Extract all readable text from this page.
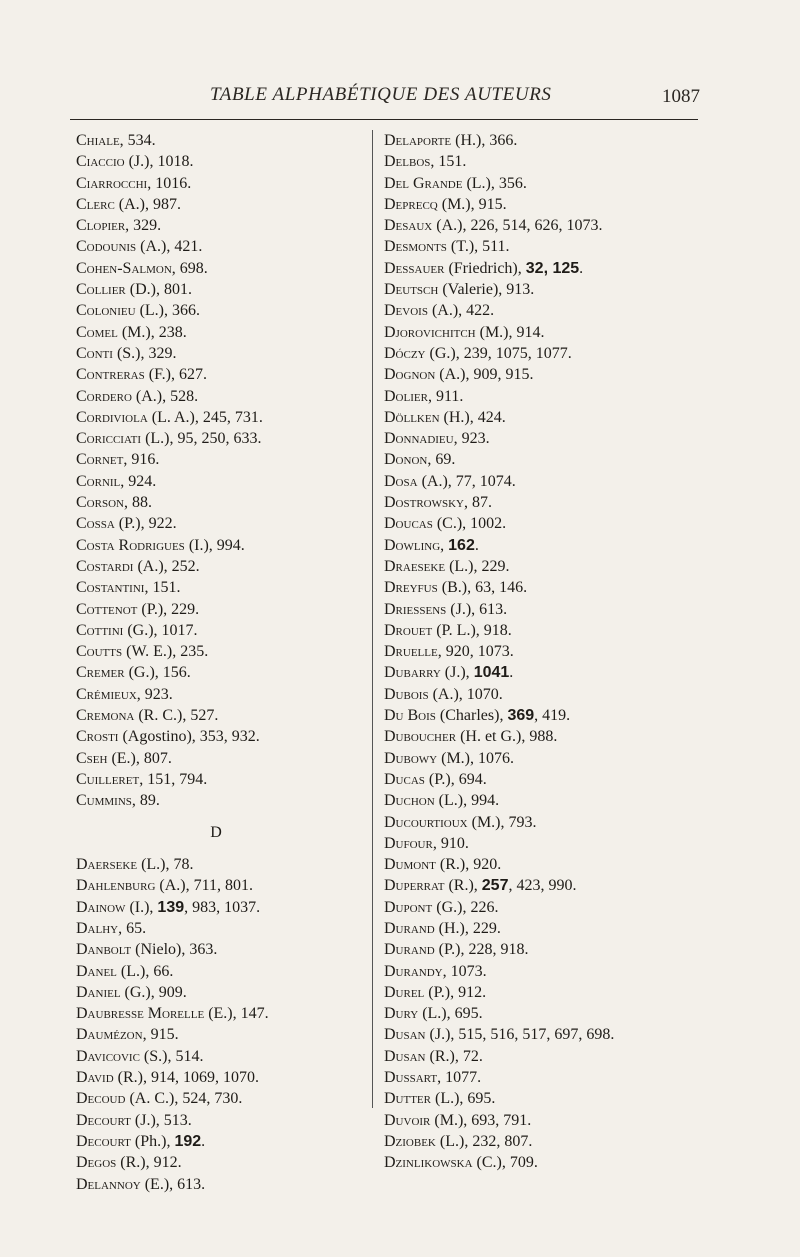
TABLE ALPHABÉTIQUE DES AUTEURS	1087
Chiale, 534.
Ciaccio (J.), 1018.
Ciarrocchi, 1016.
Clerc (A.), 987.
Clopier, 329.
Codounis (A.), 421.
Cohen-Salmon, 698.
Collier (D.), 801.
Colonieu (L.), 366.
Comel (M.), 238.
Conti (S.), 329.
Contreras (F.), 627.
Cordero (A.), 528.
Cordiviola (L. A.), 245, 731.
Coricciati (L.), 95, 250, 633.
Cornet, 916.
Cornil, 924.
Corson, 88.
Cossa (P.), 922.
Costa Rodrigues (I.), 994.
Costardi (A.), 252.
Costantini, 151.
Cottenot (P.), 229.
Cottini (G.), 1017.
Coutts (W. E.), 235.
Cremer (G.), 156.
Crémieux, 923.
Cremona (R. C.), 527.
Crosti (Agostino), 353, 932.
Cseh (E.), 807.
Cuilleret, 151, 794.
Cummins, 89.
D
Daerseke (L.), 78.
Dahlenburg (A.), 711, 801.
Dainow (I.), 139, 983, 1037.
Dalhy, 65.
Danbolt (Nielo), 363.
Danel (L.), 66.
Daniel (G.), 909.
Daubresse Morelle (E.), 147.
Daumézon, 915.
Davicovic (S.), 514.
David (R.), 914, 1069, 1070.
Decoud (A. C.), 524, 730.
Decourt (J.), 513.
Decourt (Ph.), 192.
Degos (R.), 912.
Delannoy (E.), 613.
Delaporte (H.), 366.
Delbos, 151.
Del Grande (L.), 356.
Deprecq (M.), 915.
Desaux (A.), 226, 514, 626, 1073.
Desmonts (T.), 511.
Dessauer (Friedrich), 32, 125.
Deutsch (Valerie), 913.
Devois (A.), 422.
Djorovichitch (M.), 914.
Dóczy (G.), 239, 1075, 1077.
Dognon (A.), 909, 915.
Dolier, 911.
Döllken (H.), 424.
Donnadieu, 923.
Donon, 69.
Dosa (A.), 77, 1074.
Dostrowsky, 87.
Doucas (C.), 1002.
Dowling, 162.
Draeseke (L.), 229.
Dreyfus (B.), 63, 146.
Driessens (J.), 613.
Drouet (P. L.), 918.
Druelle, 920, 1073.
Dubarry (J.), 1041.
Dubois (A.), 1070.
Du Bois (Charles), 369, 419.
Duboucher (H. et G.), 988.
Dubowy (M.), 1076.
Ducas (P.), 694.
Duchon (L.), 994.
Ducourtioux (M.), 793.
Dufour, 910.
Dumont (R.), 920.
Duperrat (R.), 257, 423, 990.
Dupont (G.), 226.
Durand (H.), 229.
Durand (P.), 228, 918.
Durandy, 1073.
Durel (P.), 912.
Dury (L.), 695.
Dusan (J.), 515, 516, 517, 697, 698.
Dusan (R.), 72.
Dussart, 1077.
Dutter (L.), 695.
Duvoir (M.), 693, 791.
Dziobek (L.), 232, 807.
Dzinlikowska (C.), 709.
